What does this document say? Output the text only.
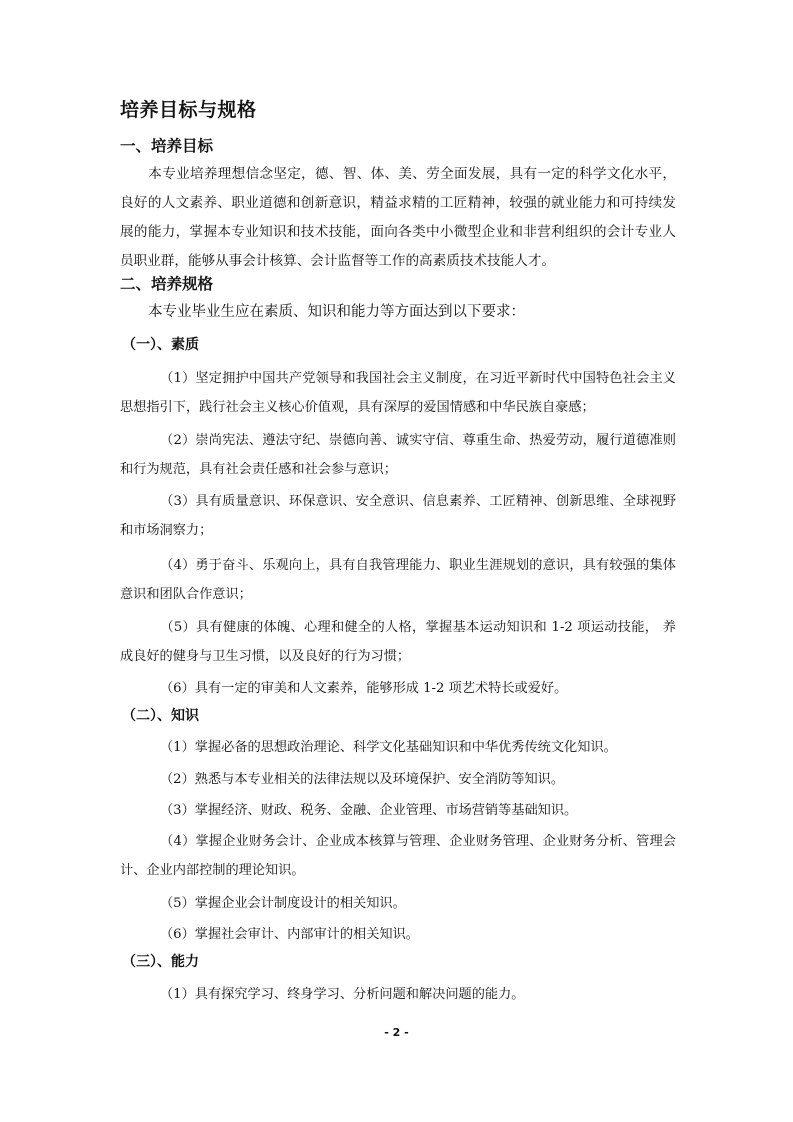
培养目标与规格
一、培养目标

本专业培养理想信念坚定，德、智、体、美、劳全面发展，具有一定的科学文化水平，良好的人文素养、职业道德和创新意识，精益求精的工匠精神，较强的就业能力和可持续发展的能力，掌握本专业知识和技术技能，面向各类中小微型企业和非营利组织的会计专业人员职业群，能够从事会计核算、会计监督等工作的高素质技术技能人才。

二、培养规格

本专业毕业生应在素质、知识和能力等方面达到以下要求：

（一）、素质

（1）坚定拥护中国共产党领导和我国社会主义制度，在习近平新时代中国特色社会主义思想指引下，践行社会主义核心价值观，具有深厚的爱国情感和中华民族自豪感；

（2）崇尚宪法、遵法守纪、崇德向善、诚实守信、尊重生命、热爱劳动，履行道德准则和行为规范，具有社会责任感和社会参与意识；

（3）具有质量意识、环保意识、安全意识、信息素养、工匠精神、创新思维、全球视野和市场洞察力；

（4）勇于奋斗、乐观向上，具有自我管理能力、职业生涯规划的意识，具有较强的集体意识和团队合作意识；

（5）具有健康的体魄、心理和健全的人格，掌握基本运动知识和 1-2 项运动技能， 养成良好的健身与卫生习惯，以及良好的行为习惯；

（6）具有一定的审美和人文素养，能够形成 1-2 项艺术特长或爱好。

（二）、知识

（1）掌握必备的思想政治理论、科学文化基础知识和中华优秀传统文化知识。

（2）熟悉与本专业相关的法律法规以及环境保护、安全消防等知识。

（3）掌握经济、财政、税务、金融、企业管理、市场营销等基础知识。

（4）掌握企业财务会计、企业成本核算与管理、企业财务管理、企业财务分析、管理会计、企业内部控制的理论知识。

（5）掌握企业会计制度设计的相关知识。

（6）掌握社会审计、内部审计的相关知识。

（三）、能力

（1）具有探究学习、终身学习、分析问题和解决问题的能力。

- 2 -
